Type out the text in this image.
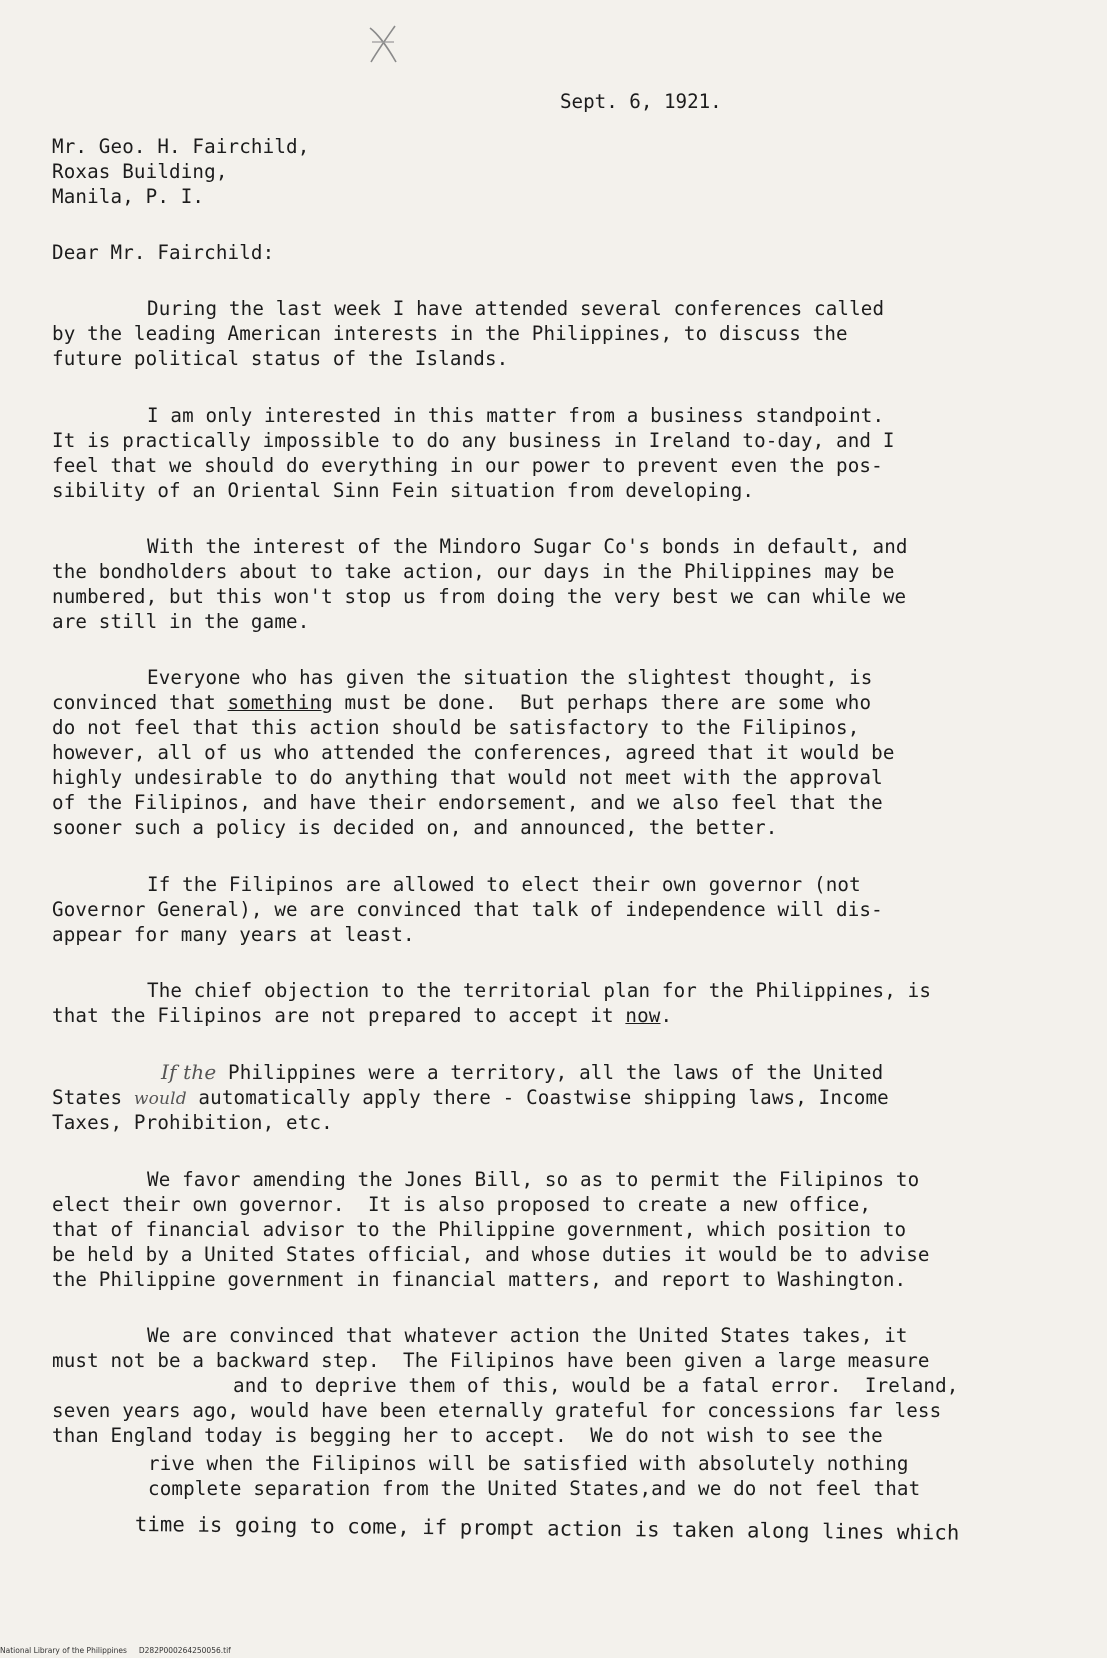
Sept. 6, 1921.
Mr. Geo. H. Fairchild,
Roxas Building,
Manila, P. I.
Dear Mr. Fairchild:
During the last week I have attended several conferences called
by the leading American interests in the Philippines, to discuss the
future political status of the Islands.
I am only interested in this matter from a business standpoint.
It is practically impossible to do any business in Ireland to-day, and I
feel that we should do everything in our power to prevent even the pos-
sibility of an Oriental Sinn Fein situation from developing.
With the interest of the Mindoro Sugar Co's bonds in default, and
the bondholders about to take action, our days in the Philippines may be
numbered, but this won't stop us from doing the very best we can while we
are still in the game.
Everyone who has given the situation the slightest thought, is
convinced that something must be done.  But perhaps there are some who
do not feel that this action should be satisfactory to the Filipinos,
however, all of us who attended the conferences, agreed that it would be
highly undesirable to do anything that would not meet with the approval
of the Filipinos, and have their endorsement, and we also feel that the
sooner such a policy is decided on, and announced, the better.
If the Filipinos are allowed to elect their own governor (not
Governor General), we are convinced that talk of independence will dis-
appear for many years at least.
The chief objection to the territorial plan for the Philippines, is
that the Filipinos are not prepared to accept it now.
If the Philippines were a territory, all the laws of the United
States would automatically apply there - Coastwise shipping laws, Income
Taxes, Prohibition, etc.
We favor amending the Jones Bill, so as to permit the Filipinos to
elect their own governor.  It is also proposed to create a new office,
that of financial advisor to the Philippine government, which position to
be held by a United States official, and whose duties it would be to advise
the Philippine government in financial matters, and report to Washington.
We are convinced that whatever action the United States takes, it
must not be a backward step.  The Filipinos have been given a large measure
and to deprive them of this, would be a fatal error.  Ireland,
seven years ago, would have been eternally grateful for concessions far less
than England today is begging her to accept.  We do not wish to see the
rive when the Filipinos will be satisfied with absolutely nothing
complete separation from the United States,and we do not feel that
time is going to come, if prompt action is taken along lines which
National Library of the Philippines     D282P000264250056.tif
